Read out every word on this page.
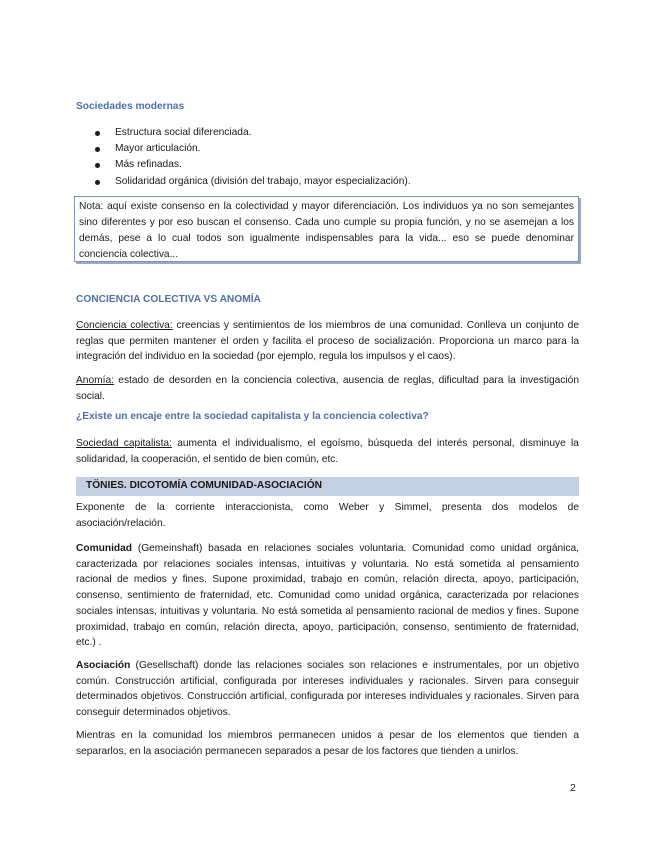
Sociedades modernas
Estructura social diferenciada.
Mayor articulación.
Más refinadas.
Solidaridad orgánica (división del trabajo, mayor especialización).
Nota: aquí existe consenso en la colectividad y mayor diferenciación. Los individuos ya no son semejantes sino diferentes y por eso buscan el consenso. Cada uno cumple su propia función, y no se asemejan a los demás, pese a lo cual todos son igualmente indispensables para la vida... eso se puede denominar conciencia colectiva...
CONCIENCIA COLECTIVA VS ANOMÍA

Conciencia colectiva: creencias y sentimientos de los miembros de una comunidad. Conlleva un conjunto de reglas que permiten mantener el orden y facilita el proceso de socialización. Proporciona un marco para la integración del individuo en la sociedad (por ejemplo, regula los impulsos y el caos).

Anomía: estado de desorden en la conciencia colectiva, ausencia de reglas, dificultad para la investigación social.

¿Existe un encaje entre la sociedad capitalista y la conciencia colectiva?

Sociedad capitalista: aumenta el individualismo, el egoísmo, búsqueda del interés personal, disminuye la solidaridad, la cooperación, el sentido de bien común, etc.

TÖNIES. DICOTOMÍA COMUNIDAD-ASOCIACIÓN

Exponente de la corriente interaccionista, como Weber y Simmel, presenta dos modelos de asociación/relación.

Comunidad (Gemeinshaft) basada en relaciones sociales voluntaria. Comunidad como unidad orgánica, caracterizada por relaciones sociales intensas, intuitivas y voluntaria. No está sometida al pensamiento racional de medios y fines. Supone proximidad, trabajo en común, relación directa, apoyo, participación, consenso, sentimiento de fraternidad, etc. Comunidad como unidad orgánica, caracterizada por relaciones sociales intensas, intuitivas y voluntaria. No está sometida al pensamiento racional de medios y fines. Supone proximidad, trabajo en común, relación directa, apoyo, participación, consenso, sentimiento de fraternidad, etc.) .

Asociación (Gesellschaft) donde las relaciones sociales son relaciones e instrumentales, por un objetivo común. Construcción artificial, configurada por intereses individuales y racionales. Sirven para conseguir determinados objetivos. Construcción artificial, configurada por intereses individuales y racionales. Sirven para conseguir determinados objetivos.

Mientras en la comunidad los miembros permanecen unidos a pesar de los elementos que tienden a separarlos, en la asociación permanecen separados a pesar de los factores que tienden a unirlos.

2
